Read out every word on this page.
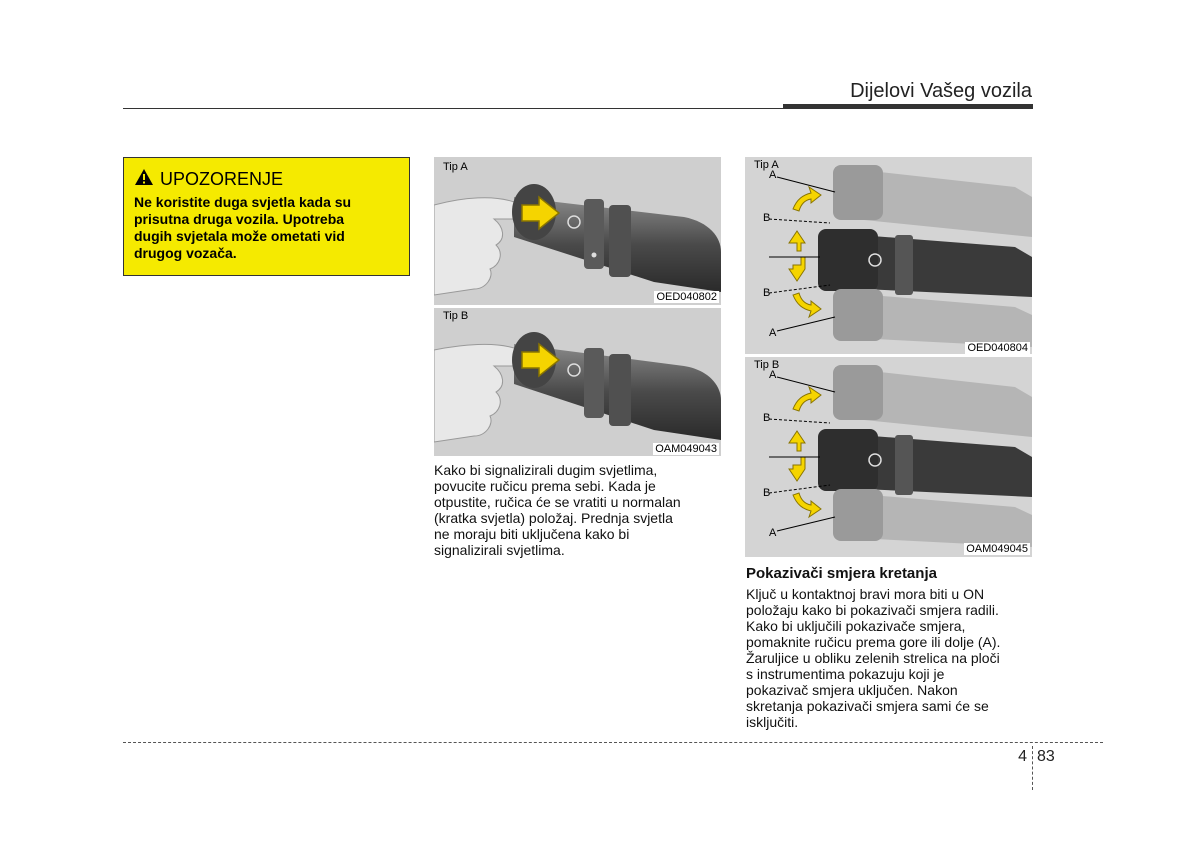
Dijelovi Vašeg vozila
UPOZORENJE
Ne koristite duga svjetla kada su
prisutna druga vozila. Upotreba
dugih svjetala može ometati vid
drugog vozača.
Tip A
OED040802
Tip B
OAM049043
Tip A
A
B
B
A
OED040804
Tip B
A
B
B
A
OAM049045
Kako bi signalizirali dugim svjetlima,
povucite ručicu prema sebi. Kada je
otpustite, ručica će se vratiti u normalan
(kratka svjetla) položaj. Prednja svjetla
ne moraju biti uključena kako bi
signalizirali svjetlima.
Pokazivači smjera kretanja
Ključ u kontaktnoj bravi mora biti u ON
položaju kako bi pokazivači smjera radili.
Kako bi uključili pokazivače smjera,
pomaknite ručicu prema gore ili dolje (A).
Žaruljice u obliku zelenih strelica na ploči
s instrumentima pokazuju koji je
pokazivač smjera uključen. Nakon
skretanja pokazivači smjera sami će se
isključiti.
4 83
